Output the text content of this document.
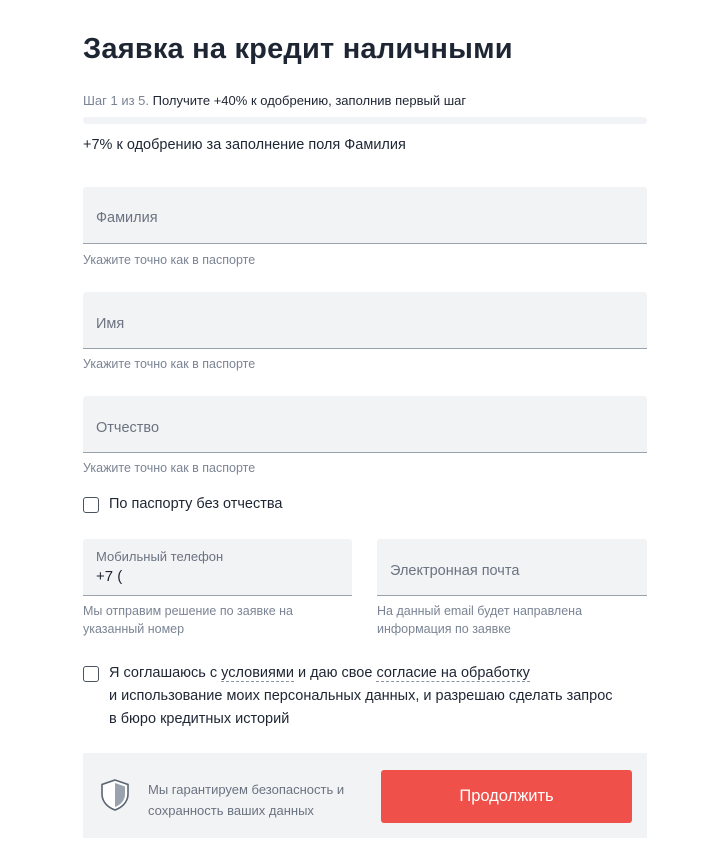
Заявка на кредит наличными
Шаг 1 из 5. Получите +40% к одобрению, заполнив первый шаг
+7% к одобрению за заполнение поля Фамилия
Фамилия
Укажите точно как в паспорте
Имя
Укажите точно как в паспорте
Отчество
Укажите точно как в паспорте
По паспорту без отчества
Мобильный телефон
+7 (
Мы отправим решение по заявке на
указанный номер
Электронная почта
На данный email будет направлена
информация по заявке
Я соглашаюсь с условиями и даю свое согласие на обработку
и использование моих персональных данных, и разрешаю сделать запрос
в бюро кредитных историй
Мы гарантируем безопасность и
сохранность ваших данных
Продолжить
